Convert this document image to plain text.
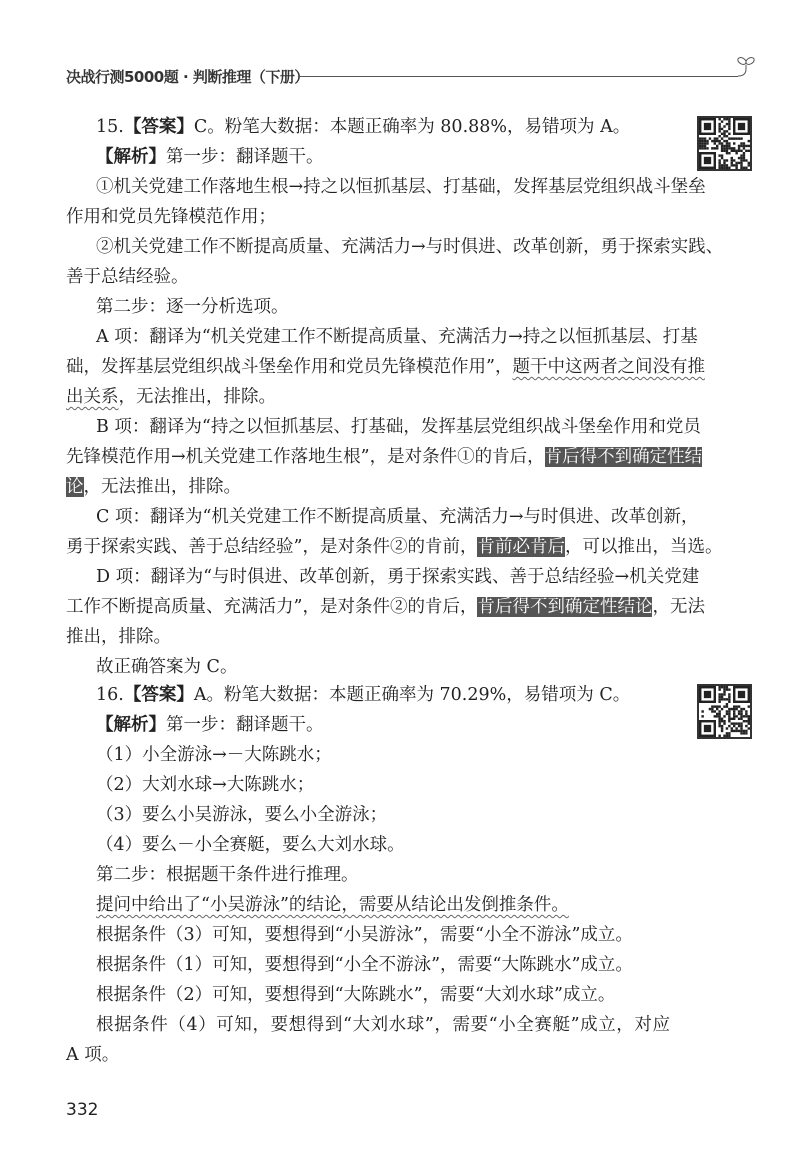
决战行测5000题 · 判断推理（下册）
15.【答案】C。粉笔大数据：本题正确率为 80.88%，易错项为 A。
【解析】第一步：翻译题干。
①机关党建工作落地生根→持之以恒抓基层、打基础，发挥基层党组织战斗堡垒
作用和党员先锋模范作用；
②机关党建工作不断提高质量、充满活力→与时俱进、改革创新，勇于探索实践、
善于总结经验。
第二步：逐一分析选项。
A 项：翻译为“机关党建工作不断提高质量、充满活力→持之以恒抓基层、打基
础，发挥基层党组织战斗堡垒作用和党员先锋模范作用”，题干中这两者之间没有推
出关系，无法推出，排除。
B 项：翻译为“持之以恒抓基层、打基础，发挥基层党组织战斗堡垒作用和党员
先锋模范作用→机关党建工作落地生根”，是对条件①的肯后，肯后得不到确定性结
论，无法推出，排除。
C 项：翻译为“机关党建工作不断提高质量、充满活力→与时俱进、改革创新，
勇于探索实践、善于总结经验”，是对条件②的肯前，肯前必肯后，可以推出，当选。
D 项：翻译为“与时俱进、改革创新，勇于探索实践、善于总结经验→机关党建
工作不断提高质量、充满活力”，是对条件②的肯后，肯后得不到确定性结论，无法
推出，排除。
故正确答案为 C。
16.【答案】A。粉笔大数据：本题正确率为 70.29%，易错项为 C。
【解析】第一步：翻译题干。
（1）小全游泳→－大陈跳水；
（2）大刘水球→大陈跳水；
（3）要么小吴游泳，要么小全游泳；
（4）要么－小全赛艇，要么大刘水球。
第二步：根据题干条件进行推理。
提问中给出了“小吴游泳”的结论，需要从结论出发倒推条件。
根据条件（3）可知，要想得到“小吴游泳”，需要“小全不游泳”成立。
根据条件（1）可知，要想得到“小全不游泳”，需要“大陈跳水”成立。
根据条件（2）可知，要想得到“大陈跳水”，需要“大刘水球”成立。
根据条件（4）可知，要想得到“大刘水球”，需要“小全赛艇”成立，对应
A 项。
332
